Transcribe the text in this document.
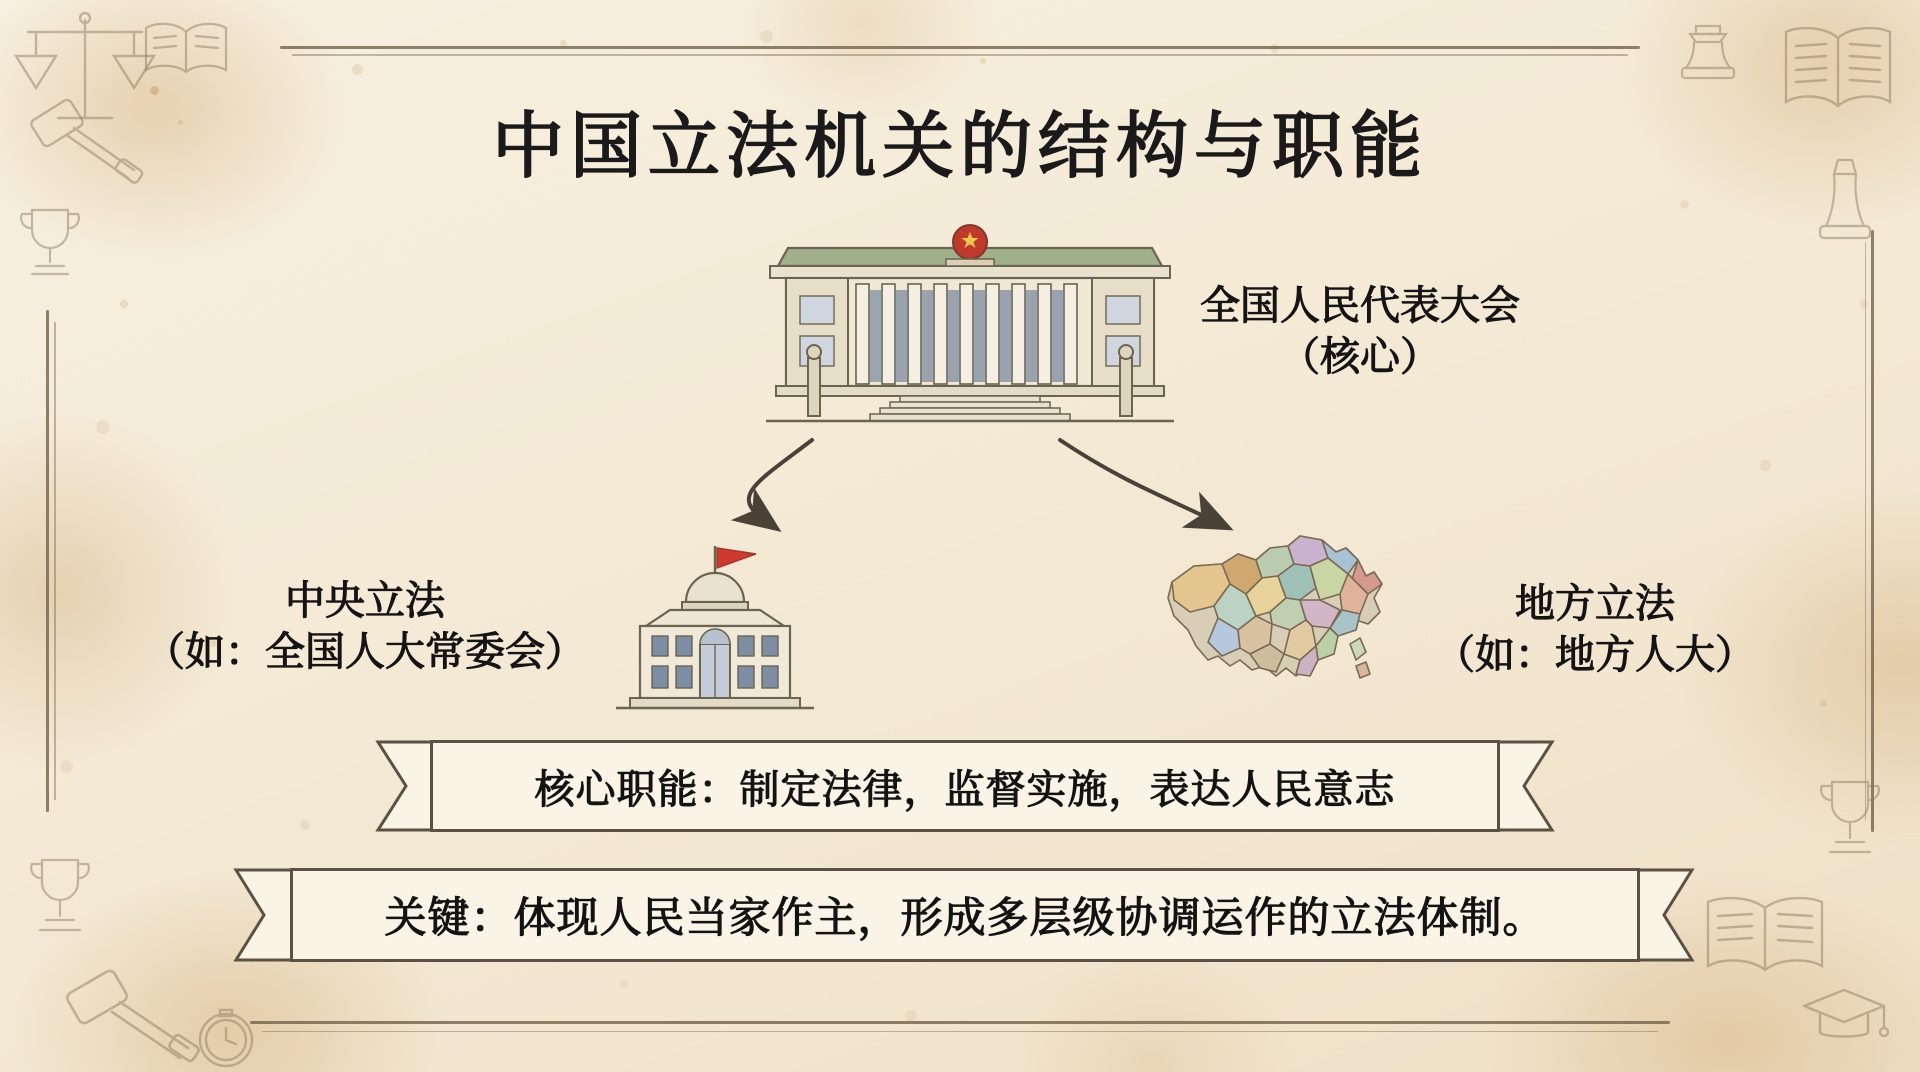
中国立法机关的结构与职能
全国人民代表大会
（核心）
中央立法
（如：全国人大常委会）
地方立法
（如：地方人大）
核心职能：制定法律，监督实施，表达人民意志
关键：体现人民当家作主，形成多层级协调运作的立法体制。
